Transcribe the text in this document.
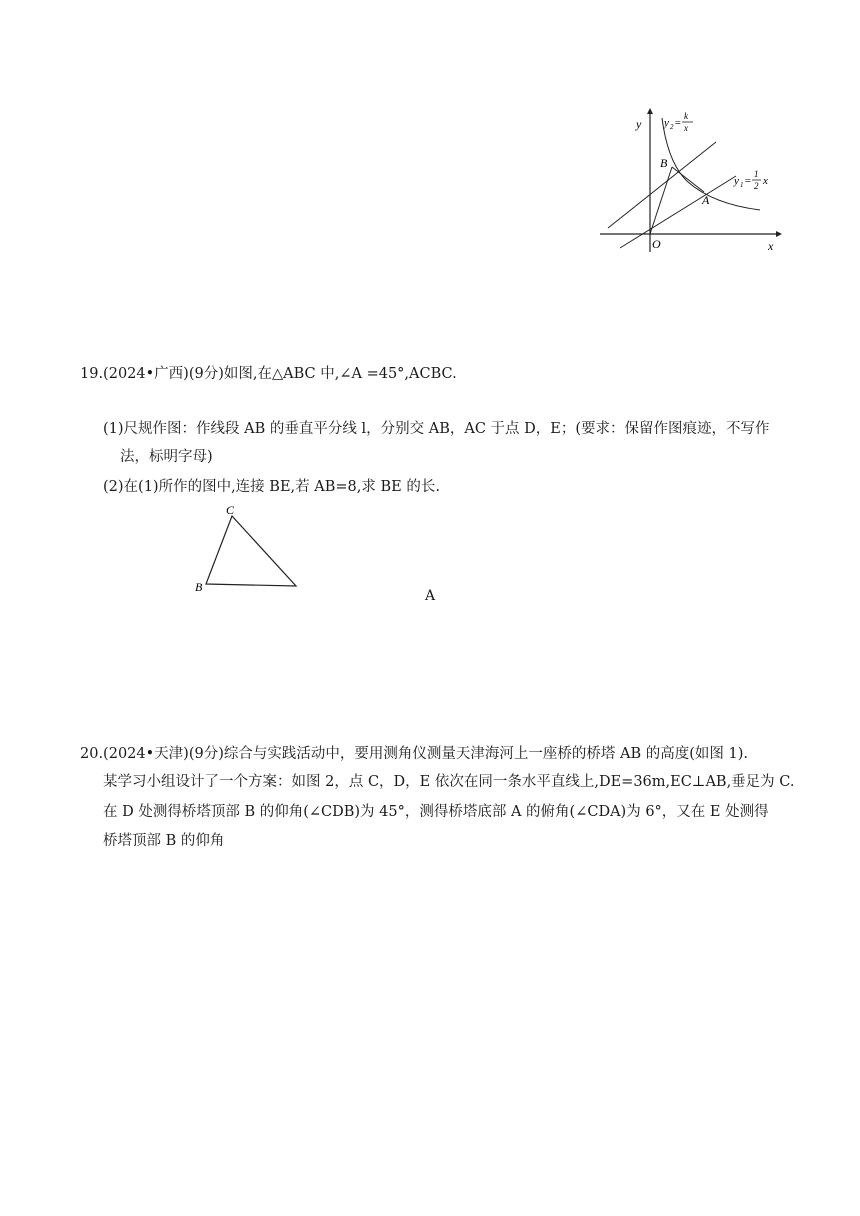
y
x
O
B
A
y 2 =
k
x
y 1 =
1
2 x
19.(2024•广西)(9分)如图,在△ABC 中,∠A =45°,ACBC.
(1)尺规作图：作线段 AB 的垂直平分线 l，分别交 AB，AC 于点 D，E；(要求：保留作图痕迹，不写作
法，标明字母)
(2)在(1)所作的图中,连接 BE,若 AB=8,求 BE 的长.
C
B
A
20.(2024•天津)(9分)综合与实践活动中，要用测角仪测量天津海河上一座桥的桥塔 AB 的高度(如图 1).
某学习小组设计了一个方案：如图 2，点 C，D，E 依次在同一条水平直线上,DE=36m,EC⊥AB,垂足为 C.
在 D 处测得桥塔顶部 B 的仰角(∠CDB)为 45°，测得桥塔底部 A 的俯角(∠CDA)为 6°，又在 E 处测得
桥塔顶部 B 的仰角
